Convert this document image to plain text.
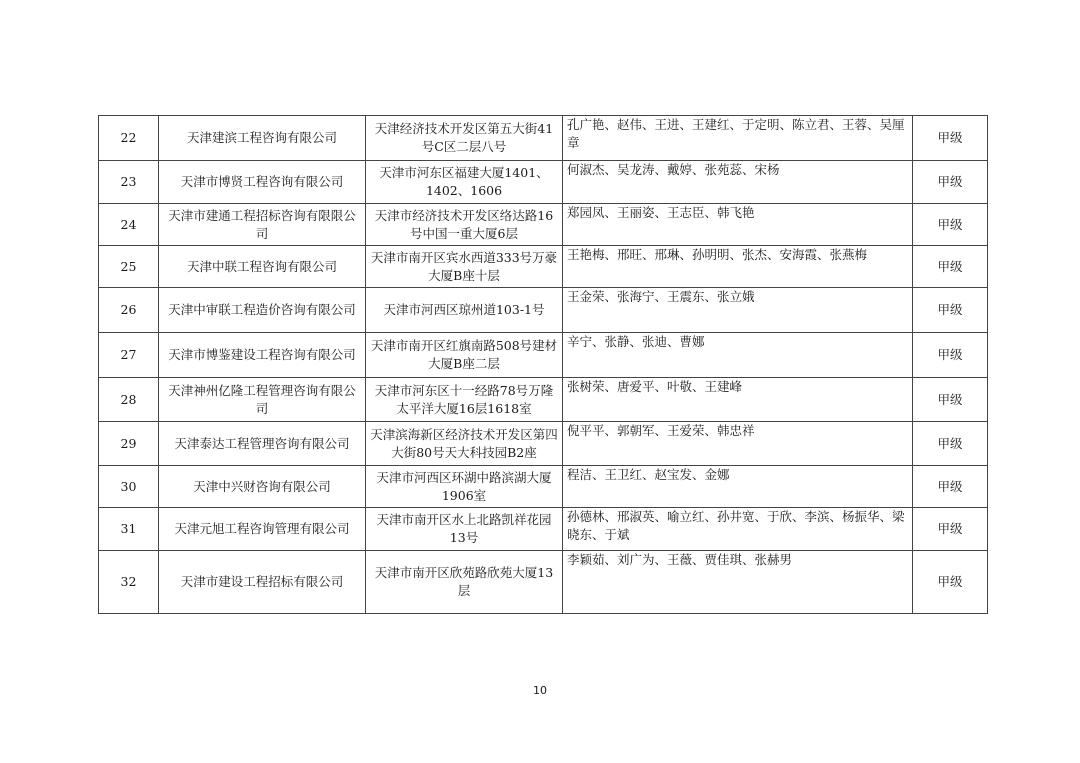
22	天津建滨工程咨询有限公司	天津经济技术开发区第五大街41号C区二层八号	孔广艳、赵伟、王进、王建红、于定明、陈立君、王蓉、吴厘章	甲级
23	天津市博贤工程咨询有限公司	天津市河东区福建大厦1401、1402、1606	何淑杰、吴龙涛、戴婷、张苑蕊、宋杨	甲级
24	天津市建通工程招标咨询有限限公司	天津市经济技术开发区络达路16号中国一重大厦6层	郑园凤、王丽姿、王志臣、韩飞艳	甲级
25	天津中联工程咨询有限公司	天津市南开区宾水西道333号万豪大厦B座十层	王艳梅、邢旺、邢琳、孙明明、张杰、安海霞、张燕梅	甲级
26	天津中审联工程造价咨询有限公司	天津市河西区琼州道103-1号	王金荣、张海宁、王震东、张立娥	甲级
27	天津市博鉴建设工程咨询有限公司	天津市南开区红旗南路508号建材大厦B座二层	辛宁、张静、张迪、曹娜	甲级
28	天津神州亿隆工程管理咨询有限公司	天津市河东区十一经路78号万隆太平洋大厦16层1618室	张树荣、唐爱平、叶敬、王建峰	甲级
29	天津泰达工程管理咨询有限公司	天津滨海新区经济技术开发区第四大街80号天大科技园B2座	倪平平、郭朝军、王爱荣、韩忠祥	甲级
30	天津中兴财咨询有限公司	天津市河西区环湖中路滨湖大厦1906室	程洁、王卫红、赵宝发、金娜	甲级
31	天津元旭工程咨询管理有限公司	天津市南开区水上北路凯祥花园13号	孙德林、邢淑英、喻立红、孙井宽、于欣、李滨、杨振华、梁晓东、于斌	甲级
32	天津市建设工程招标有限公司	天津市南开区欣苑路欣苑大厦13层	李颖茹、刘广为、王薇、贾佳琪、张赫男	甲级
10
